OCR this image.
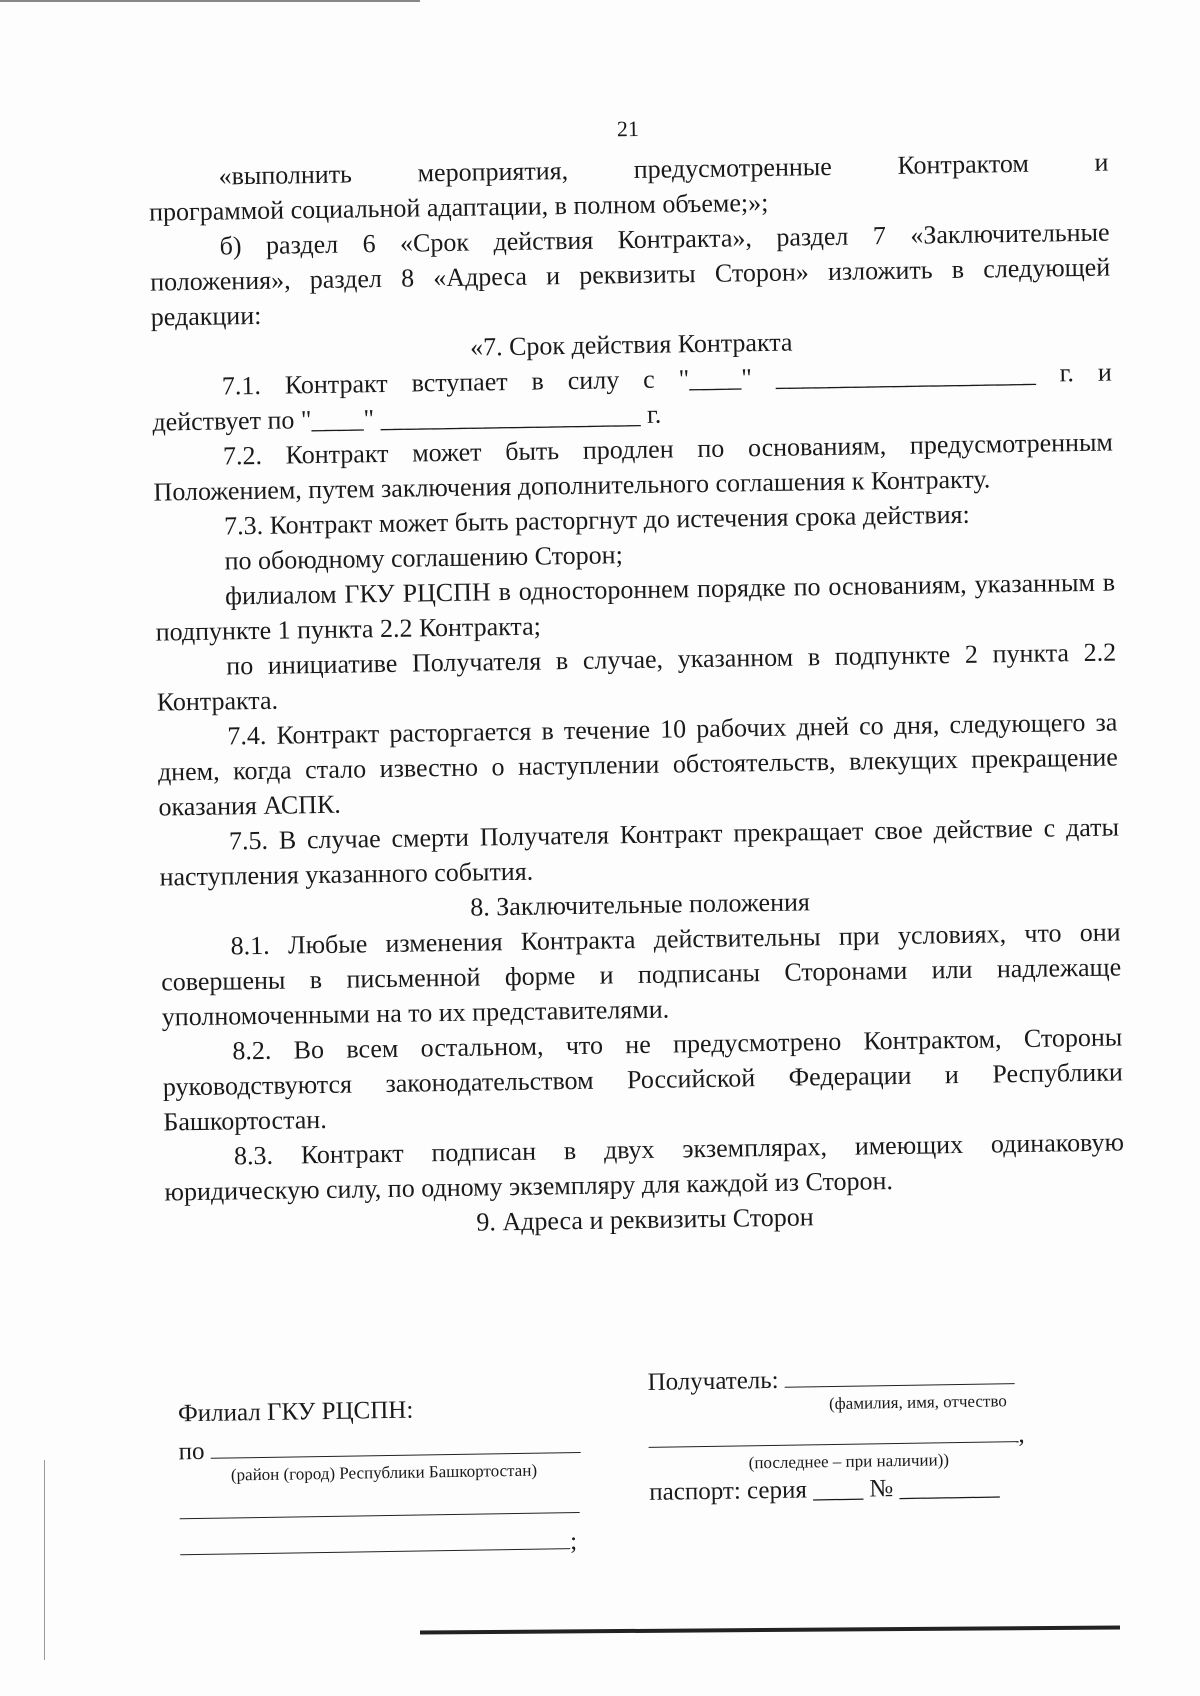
21

«выполнить мероприятия, предусмотренные Контрактом и

программой социальной адаптации, в полном объеме;»;

б) раздел 6 «Срок действия Контракта», раздел 7 «Заключительные положения», раздел 8 «Адреса и реквизиты Сторон» изложить в следующей редакции:

«7. Срок действия Контракта

7.1. Контракт вступает в силу с "____" ____________________ г. и

действует по "____" ____________________ г.

7.2. Контракт может быть продлен по основаниям, предусмотренным Положением, путем заключения дополнительного соглашения к Контракту.

7.3. Контракт может быть расторгнут до истечения срока действия:

по обоюдному соглашению Сторон;

филиалом ГКУ РЦСПН в одностороннем порядке по основаниям, указанным в подпункте 1 пункта 2.2 Контракта;

по инициативе Получателя в случае, указанном в подпункте 2 пункта 2.2 Контракта.

7.4. Контракт расторгается в течение 10 рабочих дней со дня, следующего за днем, когда стало известно о наступлении обстоятельств, влекущих прекращение оказания АСПК.

7.5. В случае смерти Получателя Контракт прекращает свое действие с даты наступления указанного события.

8. Заключительные положения

8.1. Любые изменения Контракта действительны при условиях, что они совершены в письменной форме и подписаны Сторонами или надлежаще уполномоченными на то их представителями.

8.2. Во всем остальном, что не предусмотрено Контрактом, Стороны руководствуются законодательством Российской Федерации и Республики Башкортостан.

8.3. Контракт подписан в двух экземплярах, имеющих одинаковую юридическую силу, по одному экземпляру для каждой из Сторон.

9. Адреса и реквизиты Сторон

Филиал ГКУ РЦСПН:
по
(район (город) Республики Башкортостан)
;
Получатель:
(фамилия, имя, отчество
,
(последнее – при наличии))
паспорт: серия ____ № ________
